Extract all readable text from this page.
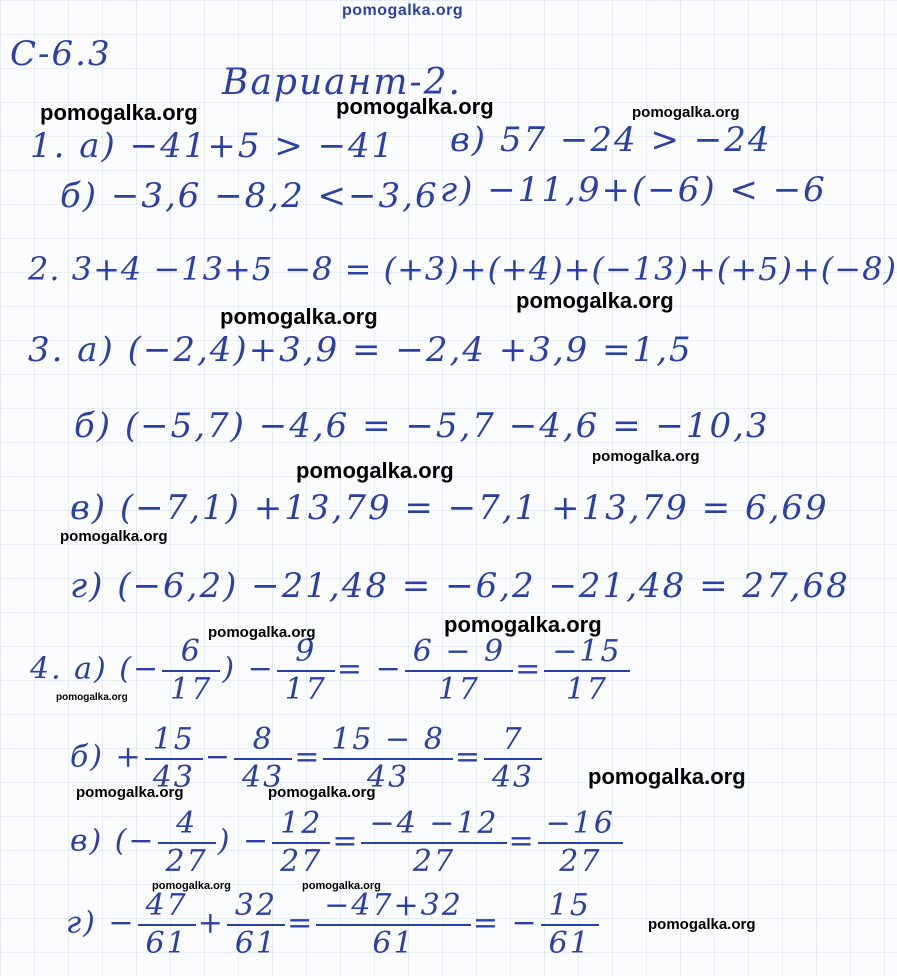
pomogalka.org
С-6.3
Вариант-2.
1. а) −41+5 > −41 в) 57 −24 > −24
б) −3,6 −8,2 <−3,6 г) −11,9+(−6) < −6
2. 3+4 −13+5 −8 = (+3)+(+4)+(−13)+(+5)+(−8)
3. а) (−2,4)+3,9 = −2,4 +3,9 =1,5
б) (−5,7) −4,6 = −5,7 −4,6 = −10,3
в) (−7,1) +13,79 = −7,1 +13,79 = 6,69
г) (−6,2) −21,48 = −6,2 −21,48 = 27,68
4. а) (− $\frac{6}{17}$ ) − $\frac{9}{17}$ = − $\frac{6 - 9}{17} = \frac{-15}{17}$
$б) + \frac{15}{43} - \frac{8}{43} = \frac{15 - 8}{43} = \frac{7}{43}$
в) (− $\frac{4}{27}$ ) − $\frac{12}{27} = \frac{-4 -12}{27} = \frac{-16}{27}$
$г) - \frac{47}{61} + \frac{32}{61} = \frac{-47+32}{61}$ = − $\frac{15}{61}$
pomogalka.org	pomogalka.org	pomogalka.org
pomogalka.org
pomogalka.org
pomogalka.org
pomogalka.org
pomogalka.org
pomogalka.org	pomogalka.org
pomogalka.org
pomogalka.org
pomogalka.org	pomogalka.org
pomogalka.org	pomogalka.org
pomogalka.org
